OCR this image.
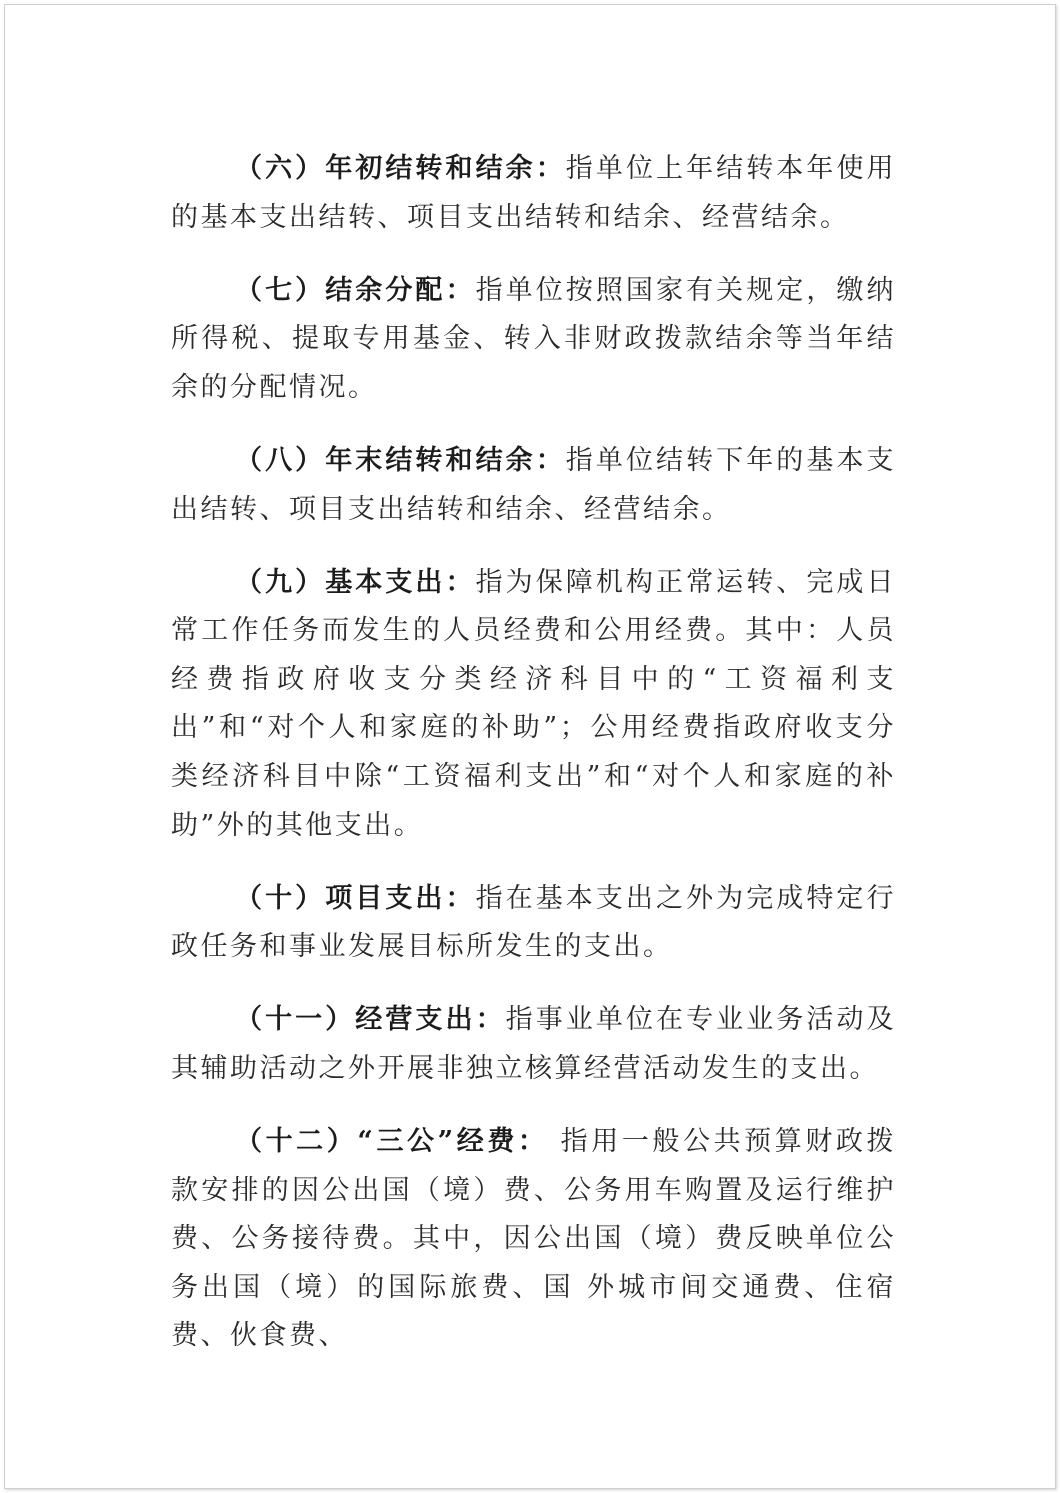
（六）年初结转和结余：指单位上年结转本年使用的基本支出结转、项目支出结转和结余、经营结余。

（七）结余分配：指单位按照国家有关规定，缴纳所得税、提取专用基金、转入非财政拨款结余等当年结余的分配情况。

（八）年末结转和结余：指单位结转下年的基本支出结转、项目支出结转和结余、经营结余。

（九）基本支出：指为保障机构正常运转、完成日常工作任务而发生的人员经费和公用经费。其中：人员经费指政府收支分类经济科目中的“工资福利支出”和“对个人和家庭的补助”；公用经费指政府收支分类经济科目中除“工资福利支出”和“对个人和家庭的补助”外的其他支出。

（十）项目支出：指在基本支出之外为完成特定行政任务和事业发展目标所发生的支出。

（十一）经营支出：指事业单位在专业业务活动及其辅助活动之外开展非独立核算经营活动发生的支出。

（十二）“三公”经费： 指用一般公共预算财政拨款安排的因公出国（境）费、公务用车购置及运行维护费、公务接待费。其中，因公出国（境）费反映单位公务出国（境）的国际旅费、国 外城市间交通费、住宿费、伙食费、
